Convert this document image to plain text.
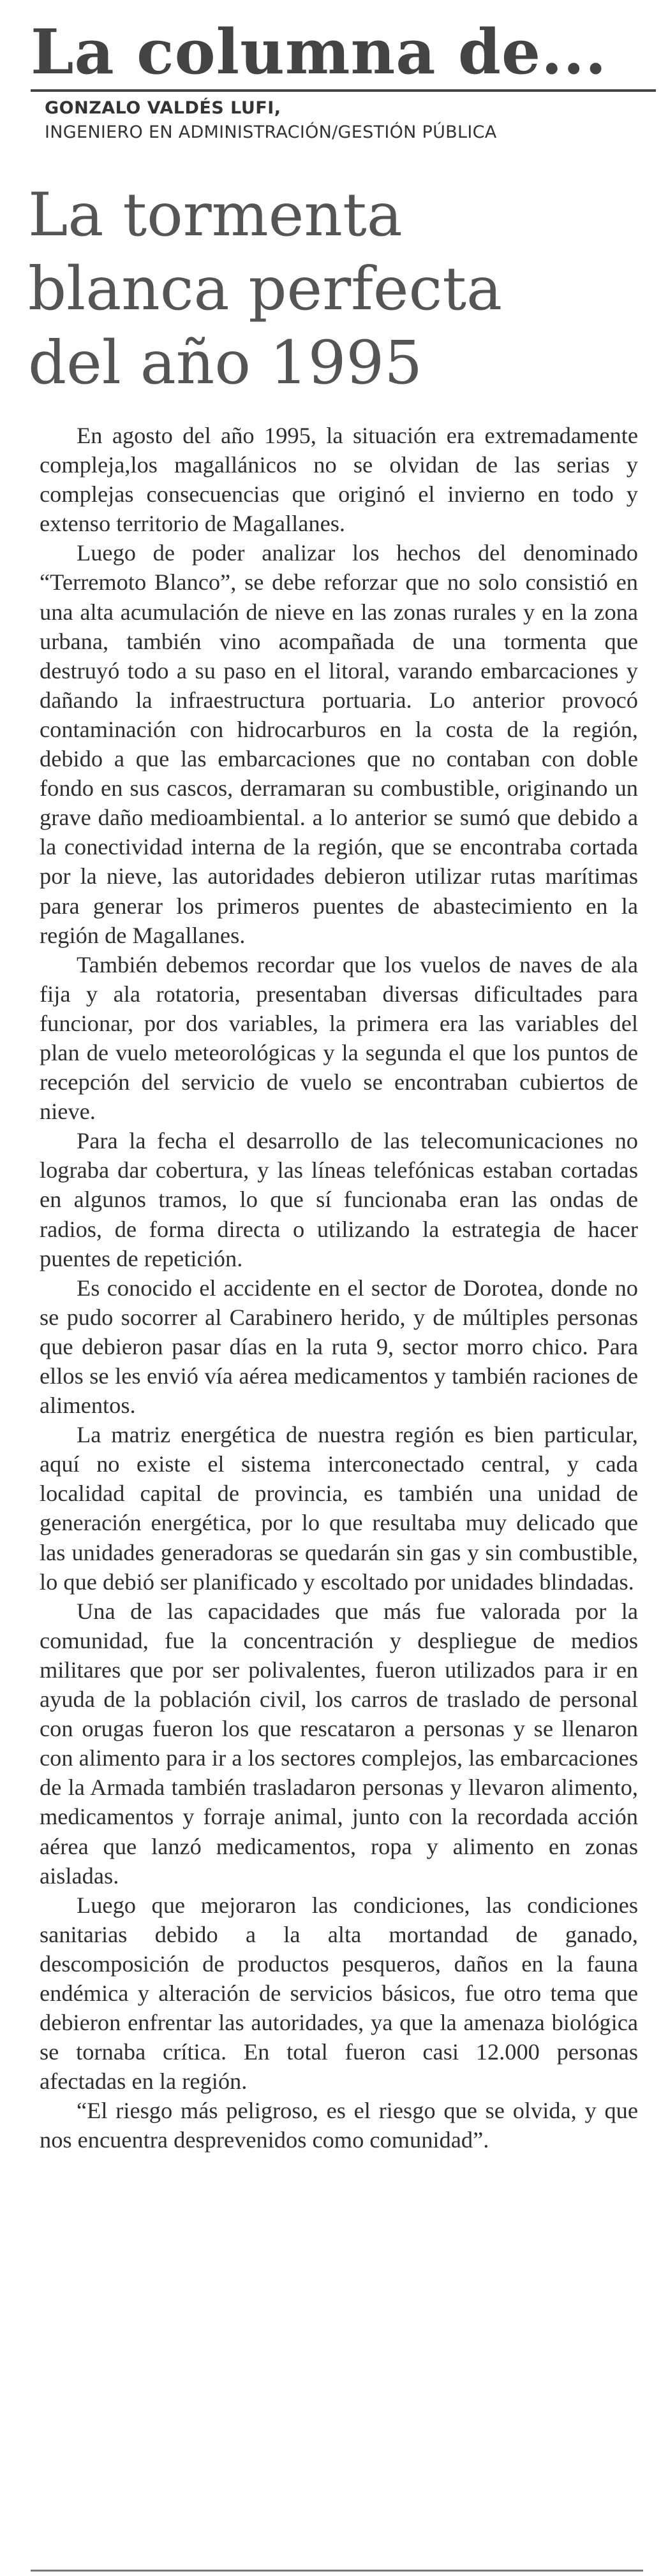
La columna de...
GONZALO VALDÉS LUFI,
INGENIERO EN ADMINISTRACIÓN/GESTIÓN PÚBLICA
La tormenta
blanca perfecta
del año 1995

En agosto del año 1995, la situación era extremadamente compleja,los magallánicos no se olvidan de las serias y complejas consecuencias que originó el invierno en todo y extenso territorio de Magallanes.

Luego de poder analizar los hechos del denominado “Terremoto Blanco”, se debe reforzar que no solo consistió en una alta acumulación de nieve en las zonas rurales y en la zona urbana, también vino acompañada de una tormenta que destruyó todo a su paso en el litoral, varando embarcaciones y dañando la infraestructura portuaria. Lo anterior provocó contaminación con hidrocarburos en la costa de la región, debido a que las embarcaciones que no contaban con doble fondo en sus cascos, derramaran su combustible, originando un grave daño medioambiental. a lo anterior se sumó que debido a la conectividad interna de la región, que se encontraba cortada por la nieve, las autoridades debieron utilizar rutas marítimas para generar los primeros puentes de abastecimiento en la región de Magallanes.

También debemos recordar que los vuelos de naves de ala fija y ala rotatoria, presentaban diversas dificultades para funcionar, por dos variables, la primera era las variables del plan de vuelo meteorológicas y la segunda el que los puntos de recepción del servicio de vuelo se encontraban cubiertos de nieve.

Para la fecha el desarrollo de las telecomunicaciones no lograba dar cobertura, y las líneas telefónicas estaban cortadas en algunos tramos, lo que sí funcionaba eran las ondas de radios, de forma directa o utilizando la estrategia de hacer puentes de repetición.

Es conocido el accidente en el sector de Dorotea, donde no se pudo socorrer al Carabinero herido, y de múltiples personas que debieron pasar días en la ruta 9, sector morro chico. Para ellos se les envió vía aérea medicamentos y también raciones de alimentos.

La matriz energética de nuestra región es bien particular, aquí no existe el sistema interconectado central, y cada localidad capital de provincia, es también una unidad de generación energética, por lo que resultaba muy delicado que las unidades generadoras se quedarán sin gas y sin combustible, lo que debió ser planificado y escoltado por unidades blindadas.

Una de las capacidades que más fue valorada por la comunidad, fue la concentración y despliegue de medios militares que por ser polivalentes, fueron utilizados para ir en ayuda de la población civil, los carros de traslado de personal con orugas fueron los que rescataron a personas y se llenaron con alimento para ir a los sectores complejos, las embarcaciones de la Armada también trasladaron personas y llevaron alimento, medicamentos y forraje animal, junto con la recordada acción aérea que lanzó medicamentos, ropa y alimento en zonas aisladas.

Luego que mejoraron las condiciones, las condiciones sanitarias debido a la alta mortandad de ganado, descomposición de productos pesqueros, daños en la fauna endémica y alteración de servicios básicos, fue otro tema que debieron enfrentar las autoridades, ya que la amenaza biológica se tornaba crítica. En total fueron casi 12.000 personas afectadas en la región.

“El riesgo más peligroso, es el riesgo que se olvida, y que nos encuentra desprevenidos como comunidad”.
